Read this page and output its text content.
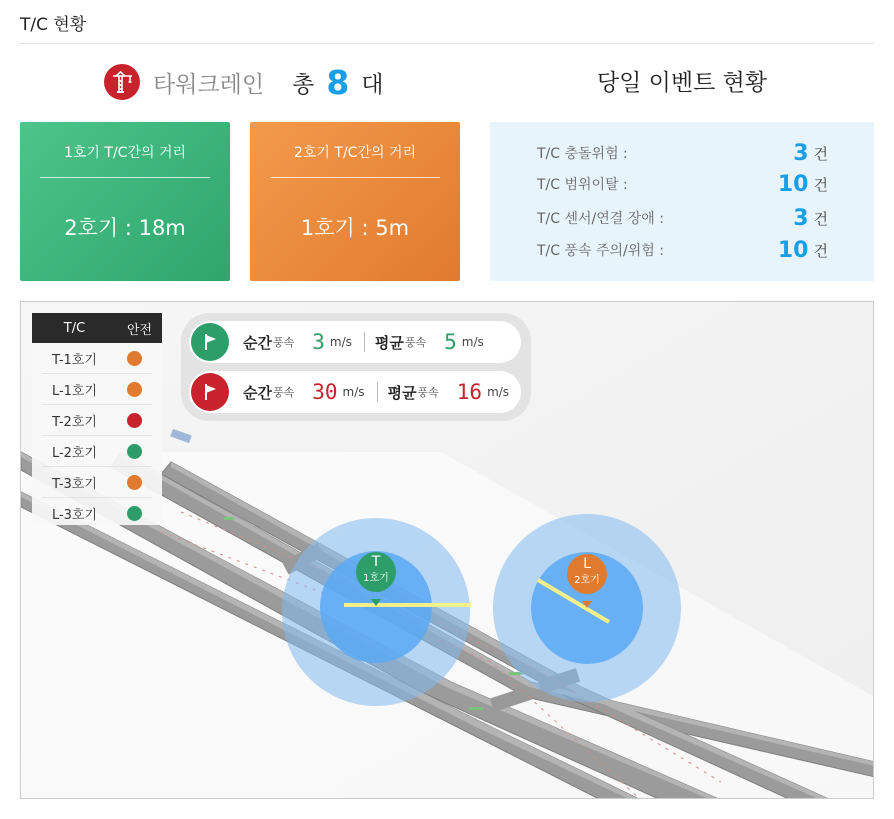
T/C 현황
타워크레인 총 8 대	당일 이벤트 현황
1호기 T/C간의 거리
2호기 : 18m
2호기 T/C간의 거리
1호기 : 5m
T/C 충돌위험 :	3 건
T/C 범위이탈 :	10 건
T/C 센서/연결 장애 :	3 건
T/C 풍속 주의/위험 :	10 건
T
1호기
L
2호기
T/C	안전
T-1호기
L-1호기
T-2호기
L-2호기
T-3호기
L-3호기
순간 풍속 3 m/s 평균 풍속 5 m/s
순간 풍속 30 m/s 평균 풍속 16 m/s
